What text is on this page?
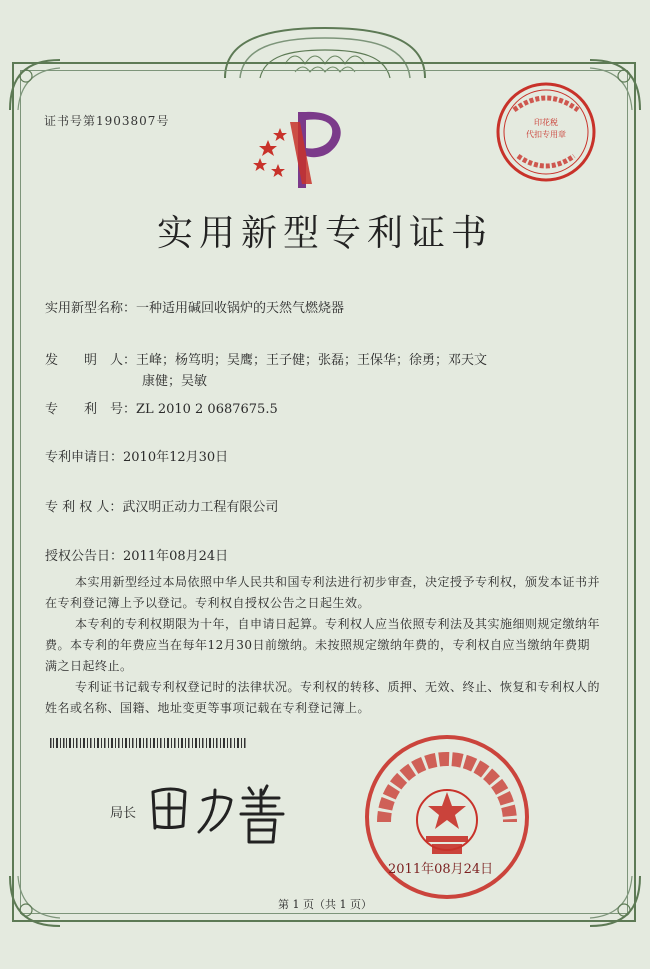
证书号第1903807号
实用新型专利证书
实用新型名称：一种适用碱回收锅炉的天然气燃烧器
发　　明　人：王峰；杨笃明；吴鹰；王子健；张磊；王保华；徐勇；邓天文
康健；吴敏
专　　利　号：ZL 2010 2 0687675.5
专利申请日：2010年12月30日
专 利 权 人：武汉明正动力工程有限公司
授权公告日：2011年08月24日
本实用新型经过本局依照中华人民共和国专利法进行初步审查，决定授予专利权，颁发本证书并在专利登记簿上予以登记。专利权自授权公告之日起生效。
本专利的专利权期限为十年，自申请日起算。专利权人应当依照专利法及其实施细则规定缴纳年费。本专利的年费应当在每年12月30日前缴纳。未按照规定缴纳年费的，专利权自应当缴纳年费期满之日起终止。
专利证书记载专利权登记时的法律状况。专利权的转移、质押、无效、终止、恢复和专利权人的姓名或名称、国籍、地址变更等事项记载在专利登记簿上。
局长
印花税
代扣专用章
2011年08月24日
第 1 页（共 1 页）
